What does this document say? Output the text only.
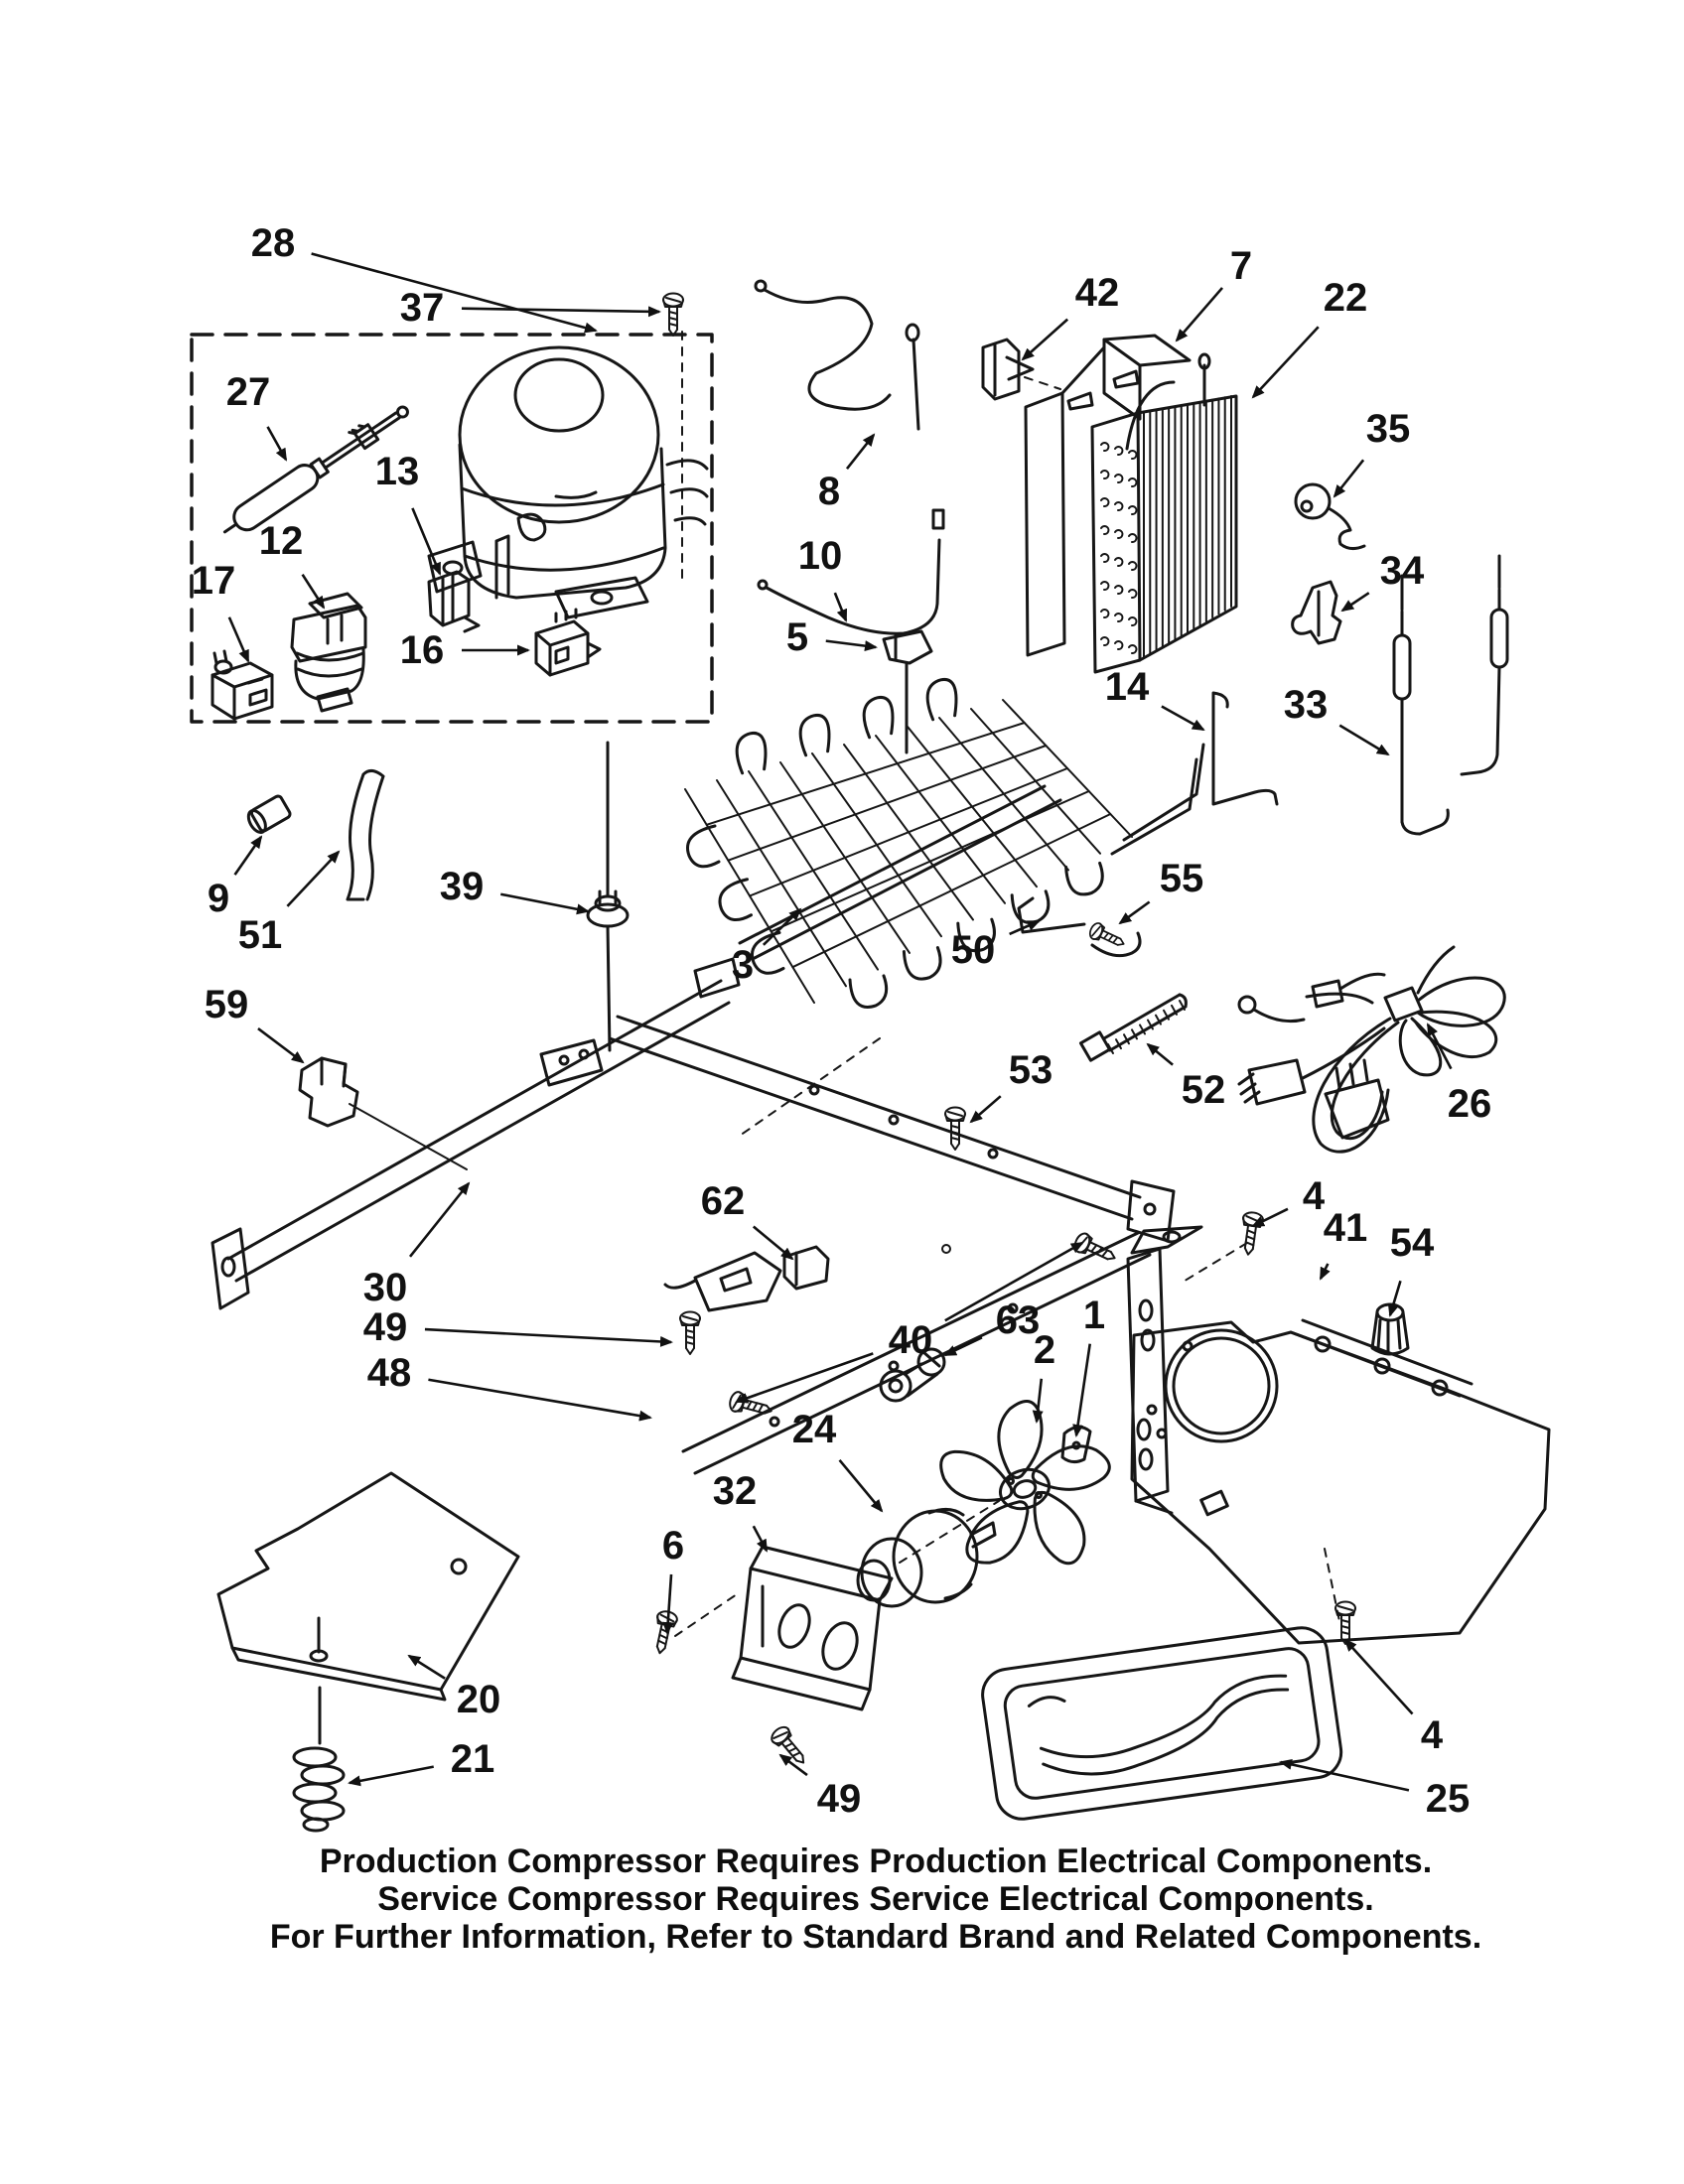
28
37
27
13
12
17
16
9
51
39
59
8
10
5
42
7
22
35
34
33
14
3	50
55
52	26
53
62
30
49
48
40 63
2
1
24
32
6
49
4
41 54
4
25
20
21
Production Compressor Requires Production Electrical Components.
Service Compressor Requires Service Electrical Components.
For Further Information, Refer to Standard Brand and Related Components.
